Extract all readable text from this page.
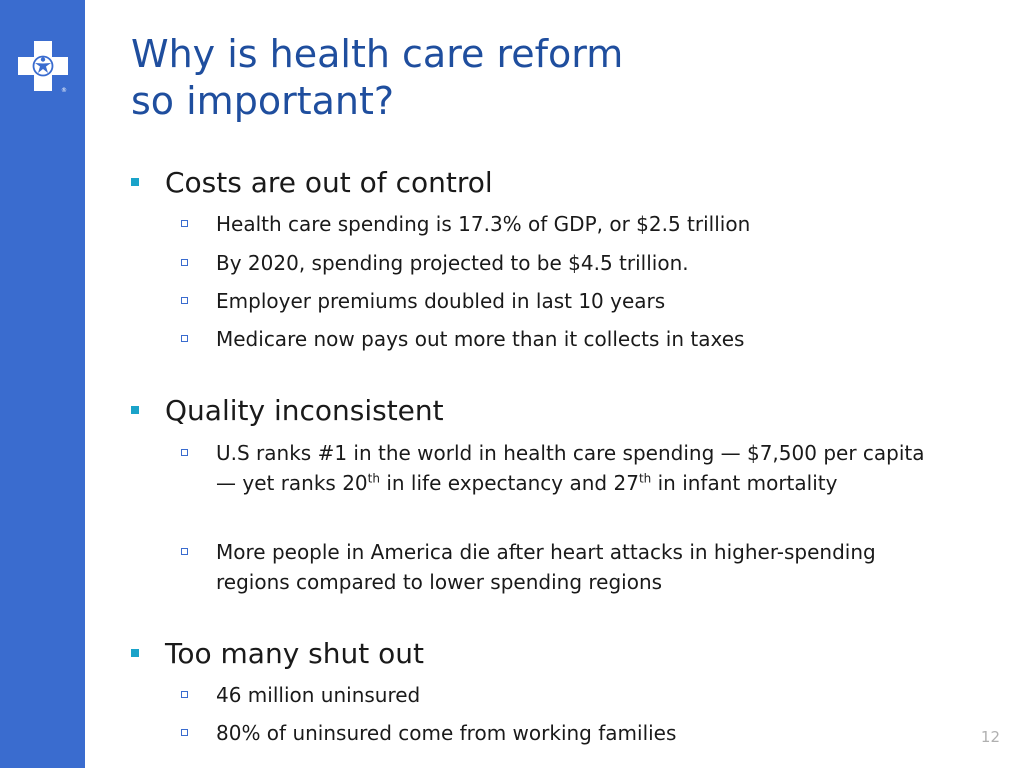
®
Why is health care reform
so important?
Costs are out of control
Health care spending is 17.3% of GDP, or $2.5 trillion
By 2020, spending projected to be $4.5 trillion.
Employer premiums doubled in last 10 years
Medicare now pays out more than it collects in taxes
Quality inconsistent
U.S ranks #1 in the world in health care spending — $7,500 per capita — yet ranks 20th in life expectancy and 27th in infant mortality
More people in America die after heart attacks in higher-spending regions compared to lower spending regions
Too many shut out
46 million uninsured
80% of uninsured come from working families	12
